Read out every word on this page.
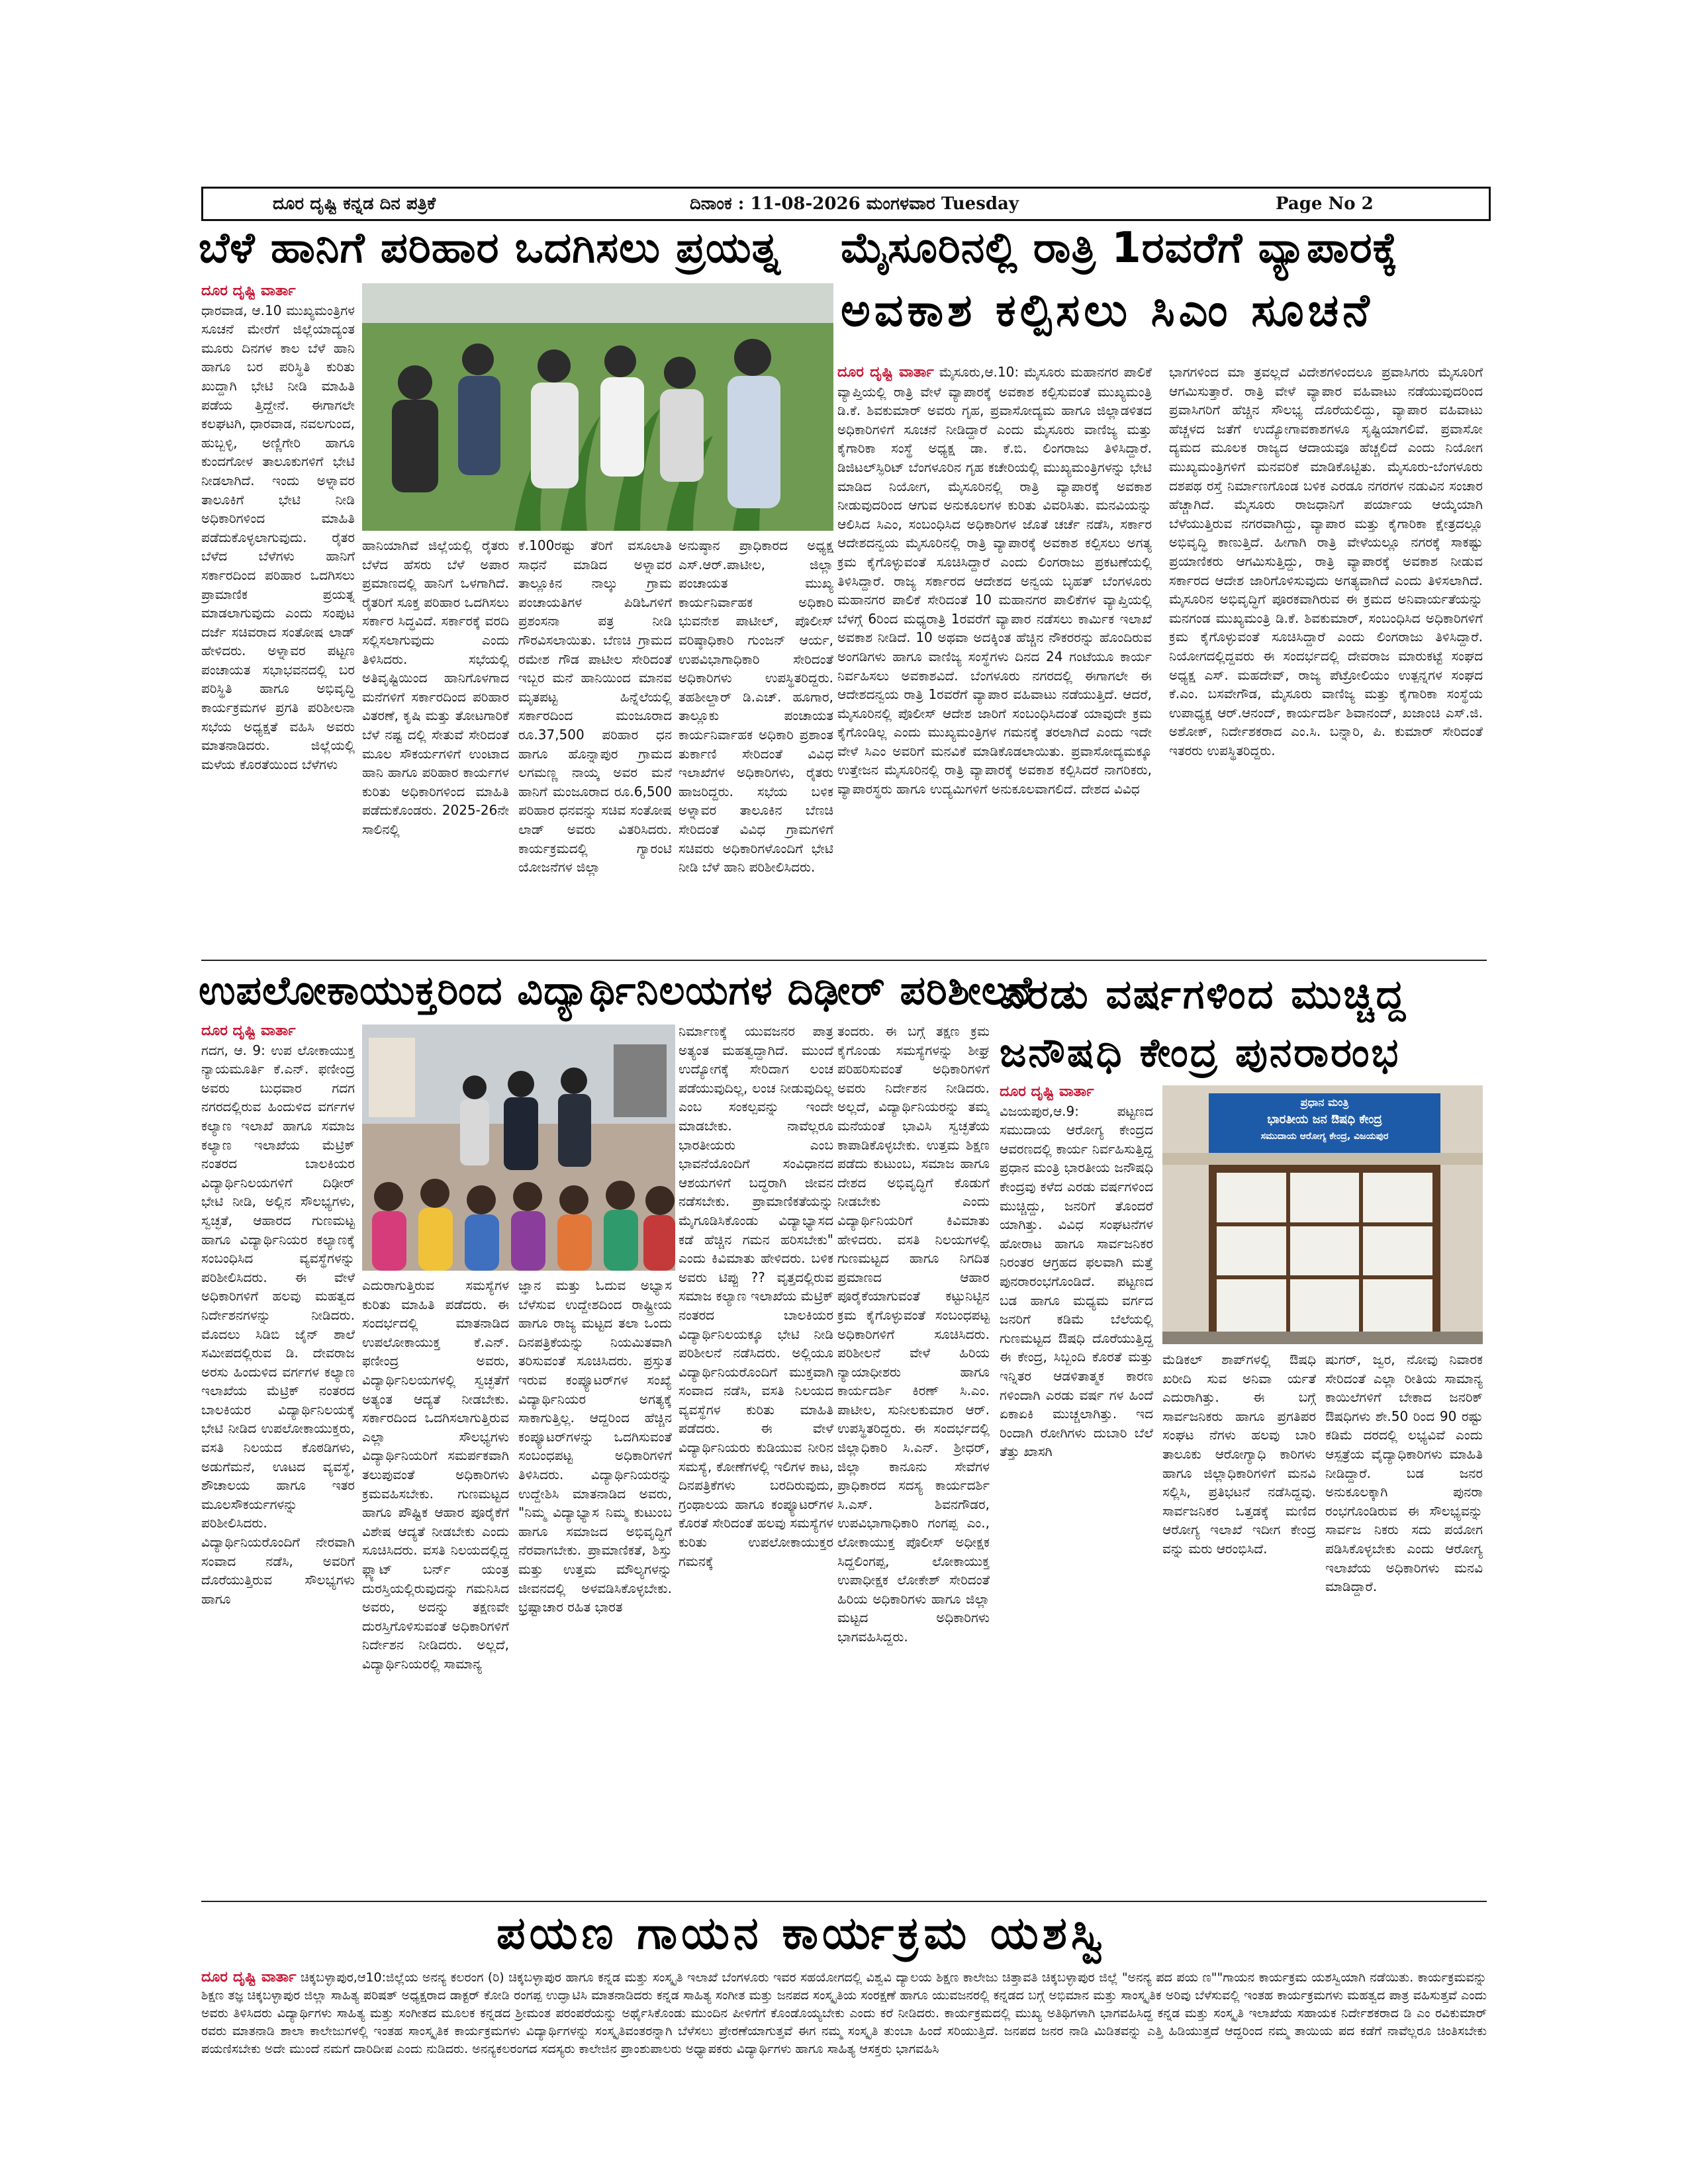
ದೂರ ದೃಷ್ಟಿ ಕನ್ನಡ ದಿನ ಪತ್ರಿಕೆ	ದಿನಾಂಕ : 11-08-2026 ಮಂಗಳವಾರ Tuesday	Page No 2
ಬೆಳೆ ಹಾನಿಗೆ ಪರಿಹಾರ ಒದಗಿಸಲು ಪ್ರಯತ್ನ
ದೂರ ದೃಷ್ಟಿ ವಾರ್ತಾ

ಧಾರವಾಡ, ಆ.10 ಮುಖ್ಯಮಂತ್ರಿಗಳ ಸೂಚನೆ ಮೇರೆಗೆ ಜಿಲ್ಲೆಯಾದ್ಯಂತ ಮೂರು ದಿನಗಳ ಕಾಲ ಬೆಳೆ ಹಾನಿ ಹಾಗೂ ಬರ ಪರಿಸ್ಥಿತಿ ಕುರಿತು ಖುದ್ದಾಗಿ ಭೇಟಿ ನೀಡಿ ಮಾಹಿತಿ ಪಡೆಯ ತ್ತಿದ್ದೇನೆ. ಈಗಾಗಲೇ ಕಲಘಟಗಿ, ಧಾರವಾಡ, ನವಲಗುಂದ, ಹುಬ್ಬಳ್ಳಿ, ಅಣ್ಣಿಗೇರಿ ಹಾಗೂ ಕುಂದಗೋಳ ತಾಲೂಕುಗಳಿಗೆ ಭೇಟಿ ನೀಡಲಾಗಿದೆ. ಇಂದು ಅಳ್ನಾವರ ತಾಲೂಕಿಗೆ ಭೇಟಿ ನೀಡಿ ಅಧಿಕಾರಿಗಳಿಂದ ಮಾಹಿತಿ ಪಡೆದುಕೊಳ್ಳಲಾಗುವುದು. ರೈತರ ಬೆಳೆದ ಬೆಳೆಗಳು ಹಾನಿಗೆ ಸರ್ಕಾರದಿಂದ ಪರಿಹಾರ ಒದಗಿಸಲು ಪ್ರಾಮಾಣಿಕ ಪ್ರಯತ್ನ ಮಾಡಲಾಗುವುದು ಎಂದು ಸಂಪುಟ ದರ್ಜೆ ಸಚಿವರಾದ ಸಂತೋಷ ಲಾಡ್ ಹೇಳಿದರು. ಅಳ್ನಾವರ ಪಟ್ಟಣ ಪಂಚಾಯತ ಸಭಾಭವನದಲ್ಲಿ ಬರ ಪರಿಸ್ಥಿತಿ ಹಾಗೂ ಅಭಿವೃದ್ಧಿ ಕಾರ್ಯಕ್ರಮಗಳ ಪ್ರಗತಿ ಪರಿಶೀಲನಾ ಸಭೆಯ ಅಧ್ಯಕ್ಷತೆ ವಹಿಸಿ ಅವರು ಮಾತನಾಡಿದರು. ಜಿಲ್ಲೆಯಲ್ಲಿ ಮಳೆಯ ಕೊರತೆಯಿಂದ ಬೆಳೆಗಳು

ಹಾನಿಯಾಗಿವೆ ಜಿಲ್ಲೆಯಲ್ಲಿ ರೈತರು ಬೆಳೆದ ಹೆಸರು ಬೆಳೆ ಅಪಾರ ಪ್ರಮಾಣದಲ್ಲಿ ಹಾನಿಗೆ ಒಳಗಾಗಿದೆ. ರೈತರಿಗೆ ಸೂಕ್ತ ಪರಿಹಾರ ಒದಗಿಸಲು ಸರ್ಕಾರ ಸಿದ್ಧವಿದೆ. ಸರ್ಕಾರಕ್ಕೆ ವರದಿ ಸಲ್ಲಿಸಲಾಗುವುದು ಎಂದು ತಿಳಿಸಿದರು. ಸಭೆಯಲ್ಲಿ ಅತಿವೃಷ್ಟಿಯಿಂದ ಹಾನಿಗೊಳಗಾದ ಮನೆಗಳಿಗೆ ಸರ್ಕಾರದಿಂದ ಪರಿಹಾರ ವಿತರಣೆ, ಕೃಷಿ ಮತ್ತು ತೋಟಗಾರಿಕೆ ಬೆಳೆ ನಷ್ಟ ದಲ್ಲಿ ಸೇತುವೆ ಸೇರಿದಂತೆ ಮೂಲ ಸೌಕರ್ಯಗಳಿಗೆ ಉಂಟಾದ ಹಾನಿ ಹಾಗೂ ಪರಿಹಾರ ಕಾರ್ಯಗಳ ಕುರಿತು ಅಧಿಕಾರಿಗಳಿಂದ ಮಾಹಿತಿ ಪಡೆದುಕೊಂಡರು. 2025-26ನೇ ಸಾಲಿನಲ್ಲಿ

ಕೆ.100ರಷ್ಟು ತೆರಿಗೆ ವಸೂಲಾತಿ ಸಾಧನೆ ಮಾಡಿದ ಅಳ್ನಾವರ ತಾಲ್ಲೂಕಿನ ನಾಲ್ಕು ಗ್ರಾಮ ಪಂಚಾಯತಿಗಳ ಪಿಡಿಓಗಳಿಗೆ ಪ್ರಶಂಸನಾ ಪತ್ರ ನೀಡಿ ಗೌರವಿಸಲಾಯಿತು. ಬೆಣಚಿ ಗ್ರಾಮದ ರಮೇಶ ಗೌಡ ಪಾಟೀಲ ಸೇರಿದಂತೆ ಇಬ್ಬರ ಮನೆ ಹಾನಿಯಿಂದ ಮಾನವ ಮೃತಪಟ್ಟ ಹಿನ್ನೆಲೆಯಲ್ಲಿ ಸರ್ಕಾರದಿಂದ ಮಂಜೂರಾದ ರೂ.37,500 ಪರಿಹಾರ ಧನ ಹಾಗೂ ಹೊನ್ನಾಪುರ ಗ್ರಾಮದ ಲಗಮಣ್ಣ ನಾಯ್ಕ ಅವರ ಮನೆ ಹಾನಿಗೆ ಮಂಜೂರಾದ ರೂ.6,500 ಪರಿಹಾರ ಧನವನ್ನು ಸಚಿವ ಸಂತೋಷ ಲಾಡ್ ಅವರು ವಿತರಿಸಿದರು. ಕಾರ್ಯಕ್ರಮದಲ್ಲಿ ಗ್ಯಾರಂಟಿ ಯೋಜನೆಗಳ ಜಿಲ್ಲಾ

ಅನುಷ್ಠಾನ ಪ್ರಾಧಿಕಾರದ ಅಧ್ಯಕ್ಷ ಎಸ್.ಆರ್.ಪಾಟೀಲ, ಜಿಲ್ಲಾ ಪಂಚಾಯತ ಮುಖ್ಯ ಕಾರ್ಯನಿರ್ವಾಹಕ ಅಧಿಕಾರಿ ಭುವನೇಶ ಪಾಟೀಲ್, ಪೊಲೀಸ್ ವರಿಷ್ಠಾಧಿಕಾರಿ ಗುಂಜನ್ ಆರ್ಯ, ಉಪವಿಭಾಗಾಧಿಕಾರಿ ಸೇರಿದಂತೆ ಅಧಿಕಾರಿಗಳು ಉಪಸ್ಥಿತರಿದ್ದರು. ತಹಶೀಲ್ದಾರ್ ಡಿ.ಎಚ್. ಹೂಗಾರ, ತಾಲ್ಲೂಕು ಪಂಚಾಯತ ಕಾರ್ಯನಿರ್ವಾಹಕ ಅಧಿಕಾರಿ ಪ್ರಶಾಂತ ತುರ್ಕಾಣಿ ಸೇರಿದಂತೆ ವಿವಿಧ ಇಲಾಖೆಗಳ ಅಧಿಕಾರಿಗಳು, ರೈತರು ಹಾಜರಿದ್ದರು. ಸಭೆಯ ಬಳಿಕ ಅಳ್ನಾವರ ತಾಲೂಕಿನ ಬೆಣಚಿ ಸೇರಿದಂತೆ ವಿವಿಧ ಗ್ರಾಮಗಳಿಗೆ ಸಚಿವರು ಅಧಿಕಾರಿಗಳೊಂದಿಗೆ ಭೇಟಿ ನೀಡಿ ಬೆಳೆ ಹಾನಿ ಪರಿಶೀಲಿಸಿದರು.

ಮೈಸೂರಿನಲ್ಲಿ ರಾತ್ರಿ 1ರವರೆಗೆ ವ್ಯಾಪಾರಕ್ಕೆ
ಅವಕಾಶ ಕಲ್ಪಿಸಲು ಸಿಎಂ ಸೂಚನೆ
ದೂರ ದೃಷ್ಟಿ ವಾರ್ತಾ ಮೈಸೂರು,ಆ.10: ಮೈಸೂರು ಮಹಾನಗರ ಪಾಲಿಕೆ ವ್ಯಾಪ್ತಿಯಲ್ಲಿ ರಾತ್ರಿ ವೇಳೆ ವ್ಯಾಪಾರಕ್ಕೆ ಅವಕಾಶ ಕಲ್ಪಿಸುವಂತೆ ಮುಖ್ಯಮಂತ್ರಿ ಡಿ.ಕೆ. ಶಿವಕುಮಾರ್ ಅವರು ಗೃಹ, ಪ್ರವಾಸೋದ್ಯಮ ಹಾಗೂ ಜಿಲ್ಲಾಡಳಿತದ ಅಧಿಕಾರಿಗಳಿಗೆ ಸೂಚನೆ ನೀಡಿದ್ದಾರೆ ಎಂದು ಮೈಸೂರು ವಾಣಿಜ್ಯ ಮತ್ತು ಕೈಗಾರಿಕಾ ಸಂಸ್ಥೆ ಅಧ್ಯಕ್ಷ ಡಾ. ಕೆ.ಬಿ. ಲಿಂಗರಾಜು ತಿಳಿಸಿದ್ದಾರೆ. ಡಿಜಿಟಲ್‌ಸ್ಫಿರಿಟ್ ಬೆಂಗಳೂರಿನ ಗೃಹ ಕಚೇರಿಯಲ್ಲಿ ಮುಖ್ಯಮಂತ್ರಿಗಳನ್ನು ಭೇಟಿ ಮಾಡಿದ ನಿಯೋಗ, ಮೈಸೂರಿನಲ್ಲಿ ರಾತ್ರಿ ವ್ಯಾಪಾರಕ್ಕೆ ಅವಕಾಶ ನೀಡುವುದರಿಂದ ಆಗುವ ಅನುಕೂಲಗಳ ಕುರಿತು ವಿವರಿಸಿತು. ಮನವಿಯನ್ನು ಆಲಿಸಿದ ಸಿಎಂ, ಸಂಬಂಧಿಸಿದ ಅಧಿಕಾರಿಗಳ ಜೊತೆ ಚರ್ಚೆ ನಡೆಸಿ, ಸರ್ಕಾರ ಆದೇಶದನ್ವಯ ಮೈಸೂರಿನಲ್ಲಿ ರಾತ್ರಿ ವ್ಯಾಪಾರಕ್ಕೆ ಅವಕಾಶ ಕಲ್ಪಿಸಲು ಅಗತ್ಯ ಕ್ರಮ ಕೈಗೊಳ್ಳುವಂತೆ ಸೂಚಿಸಿದ್ದಾರೆ ಎಂದು ಲಿಂಗರಾಜು ಪ್ರಕಟಣೆಯಲ್ಲಿ ತಿಳಿಸಿದ್ದಾರೆ. ರಾಜ್ಯ ಸರ್ಕಾರದ ಆದೇಶದ ಅನ್ವಯ ಬೃಹತ್ ಬೆಂಗಳೂರು ಮಹಾನಗರ ಪಾಲಿಕೆ ಸೇರಿದಂತೆ 10 ಮಹಾನಗರ ಪಾಲಿಕೆಗಳ ವ್ಯಾಪ್ತಿಯಲ್ಲಿ ಬೆಳಗ್ಗೆ 6ರಿಂದ ಮಧ್ಯರಾತ್ರಿ 1ರವರೆಗೆ ವ್ಯಾಪಾರ ನಡೆಸಲು ಕಾರ್ಮಿಕ ಇಲಾಖೆ ಅವಕಾಶ ನೀಡಿದೆ. 10 ಅಥವಾ ಅದಕ್ಕಿಂತ ಹೆಚ್ಚಿನ ನೌಕರರನ್ನು ಹೊಂದಿರುವ ಅಂಗಡಿಗಳು ಹಾಗೂ ವಾಣಿಜ್ಯ ಸಂಸ್ಥೆಗಳು ದಿನದ 24 ಗಂಟೆಯೂ ಕಾರ್ಯ ನಿರ್ವಹಿಸಲು ಅವಕಾಶವಿದೆ. ಬೆಂಗಳೂರು ನಗರದಲ್ಲಿ ಈಗಾಗಲೇ ಈ ಆದೇಶದನ್ವಯ ರಾತ್ರಿ 1ರವರೆಗೆ ವ್ಯಾಪಾರ ವಹಿವಾಟು ನಡೆಯುತ್ತಿದೆ. ಆದರೆ, ಮೈಸೂರಿನಲ್ಲಿ ಪೊಲೀಸ್ ಆದೇಶ ಜಾರಿಗೆ ಸಂಬಂಧಿಸಿದಂತೆ ಯಾವುದೇ ಕ್ರಮ ಕೈಗೊಂಡಿಲ್ಲ ಎಂದು ಮುಖ್ಯಮಂತ್ರಿಗಳ ಗಮನಕ್ಕೆ ತರಲಾಗಿದೆ ಎಂದು ಇದೇ ವೇಳೆ ಸಿಎಂ ಅವರಿಗೆ ಮನವಿಕೆ ಮಾಡಿಕೊಡಲಾಯಿತು. ಪ್ರವಾಸೋದ್ಯಮಕ್ಕೂ ಉತ್ತೇಜನ ಮೈಸೂರಿನಲ್ಲಿ ರಾತ್ರಿ ವ್ಯಾಪಾರಕ್ಕೆ ಅವಕಾಶ ಕಲ್ಪಿಸಿದರೆ ನಾಗರಿಕರು, ವ್ಯಾಪಾರಸ್ಥರು ಹಾಗೂ ಉದ್ಯಮಿಗಳಿಗೆ ಅನುಕೂಲವಾಗಲಿದೆ. ದೇಶದ ವಿವಿಧ

ಭಾಗಗಳಿಂದ ಮಾ ತ್ರವಲ್ಲದೆ ವಿದೇಶಗಳಿಂದಲೂ ಪ್ರವಾಸಿಗರು ಮೈಸೂರಿಗೆ ಆಗಮಿಸುತ್ತಾರೆ. ರಾತ್ರಿ ವೇಳೆ ವ್ಯಾಪಾರ ವಹಿವಾಟು ನಡೆಯುವುದರಿಂದ ಪ್ರವಾಸಿಗರಿಗೆ ಹೆಚ್ಚಿನ ಸೌಲಭ್ಯ ದೊರೆಯಲಿದ್ದು, ವ್ಯಾಪಾರ ವಹಿವಾಟು ಹೆಚ್ಚಳದ ಜತೆಗೆ ಉದ್ಯೋಗಾವಕಾಶಗಳೂ ಸೃಷ್ಟಿಯಾಗಲಿವೆ. ಪ್ರವಾಸೋ ದ್ಯಮದ ಮೂಲಕ ರಾಜ್ಯದ ಆದಾಯವೂ ಹೆಚ್ಚಲಿದೆ ಎಂದು ನಿಯೋಗ ಮುಖ್ಯಮಂತ್ರಿಗಳಿಗೆ ಮನವರಿಕೆ ಮಾಡಿಕೊಟ್ಟಿತು. ಮೈಸೂರು-ಬೆಂಗಳೂರು ದಶಪಥ ರಸ್ತೆ ನಿರ್ಮಾಣಗೊಂಡ ಬಳಿಕ ಎರಡೂ ನಗರಗಳ ನಡುವಿನ ಸಂಚಾರ ಹೆಚ್ಚಾಗಿದೆ. ಮೈಸೂರು ರಾಜಧಾನಿಗೆ ಪರ್ಯಾಯ ಆಯ್ಕೆಯಾಗಿ ಬೆಳೆಯುತ್ತಿರುವ ನಗರವಾಗಿದ್ದು, ವ್ಯಾಪಾರ ಮತ್ತು ಕೈಗಾರಿಕಾ ಕ್ಷೇತ್ರದಲ್ಲೂ ಅಭಿವೃದ್ಧಿ ಕಾಣುತ್ತಿದೆ. ಹೀಗಾಗಿ ರಾತ್ರಿ ವೇಳೆಯಲ್ಲೂ ನಗರಕ್ಕೆ ಸಾಕಷ್ಟು ಪ್ರಯಾಣಿಕರು ಆಗಮಿಸುತ್ತಿದ್ದು, ರಾತ್ರಿ ವ್ಯಾಪಾರಕ್ಕೆ ಅವಕಾಶ ನೀಡುವ ಸರ್ಕಾರದ ಆದೇಶ ಜಾರಿಗೊಳಿಸುವುದು ಅಗತ್ಯವಾಗಿದೆ ಎಂದು ತಿಳಿಸಲಾಗಿದೆ. ಮೈಸೂರಿನ ಅಭಿವೃದ್ಧಿಗೆ ಪೂರಕವಾಗಿರುವ ಈ ಕ್ರಮದ ಅನಿವಾರ್ಯತೆಯನ್ನು ಮನಗಂಡ ಮುಖ್ಯಮಂತ್ರಿ ಡಿ.ಕೆ. ಶಿವಕುಮಾರ್, ಸಂಬಂಧಿಸಿದ ಅಧಿಕಾರಿಗಳಿಗೆ ಕ್ರಮ ಕೈಗೊಳ್ಳುವಂತೆ ಸೂಚಿಸಿದ್ದಾರೆ ಎಂದು ಲಿಂಗರಾಜು ತಿಳಿಸಿದ್ದಾರೆ. ನಿಯೋಗದಲ್ಲಿದ್ದವರು ಈ ಸಂದರ್ಭದಲ್ಲಿ ದೇವರಾಜ ಮಾರುಕಟ್ಟೆ ಸಂಘದ ಅಧ್ಯಕ್ಷ ಎಸ್. ಮಹದೇವ್, ರಾಜ್ಯ ಪೆಟ್ರೋಲಿಯಂ ಉತ್ಪನ್ನಗಳ ಸಂಘದ ಕೆ.ಎಂ. ಬಸವೇಗೌಡ, ಮೈಸೂರು ವಾಣಿಜ್ಯ ಮತ್ತು ಕೈಗಾರಿಕಾ ಸಂಸ್ಥೆಯ ಉಪಾಧ್ಯಕ್ಷ ಆರ್.ಆನಂದ್, ಕಾರ್ಯದರ್ಶಿ ಶಿವಾನಂದ್, ಖಜಾಂಚಿ ಎಸ್.ಜಿ. ಅಶೋಕ್, ನಿರ್ದೇಶಕರಾದ ಎಂ.ಸಿ. ಬನ್ನಾರಿ, ಪಿ. ಕುಮಾರ್ ಸೇರಿದಂತೆ ಇತರರು ಉಪಸ್ಥಿತರಿದ್ದರು.

ಉಪಲೋಕಾಯುಕ್ತರಿಂದ ವಿದ್ಯಾರ್ಥಿನಿಲಯಗಳ ದಿಢೀರ್ ಪರಿಶೀಲನೆ
ದೂರ ದೃಷ್ಟಿ ವಾರ್ತಾ

ಗದಗ, ಆ. 9: ಉಪ ಲೋಕಾಯುಕ್ತ ನ್ಯಾಯಮೂರ್ತಿ ಕೆ.ಎನ್. ಫಣೀಂದ್ರ ಅವರು ಬುಧವಾರ ಗದಗ ನಗರದಲ್ಲಿರುವ ಹಿಂದುಳಿದ ವರ್ಗಗಳ ಕಲ್ಯಾಣ ಇಲಾಖೆ ಹಾಗೂ ಸಮಾಜ ಕಲ್ಯಾಣ ಇಲಾಖೆಯ ಮೆಟ್ರಿಕ್ ನಂತರದ ಬಾಲಕಿಯರ ವಿದ್ಯಾರ್ಥಿನಿಲಯಗಳಿಗೆ ದಿಢೀರ್ ಭೇಟಿ ನೀಡಿ, ಅಲ್ಲಿನ ಸೌಲಭ್ಯಗಳು, ಸ್ವಚ್ಛತೆ, ಆಹಾರದ ಗುಣಮಟ್ಟ ಹಾಗೂ ವಿದ್ಯಾರ್ಥಿನಿಯರ ಕಲ್ಯಾಣಕ್ಕೆ ಸಂಬಂಧಿಸಿದ ವ್ಯವಸ್ಥೆಗಳನ್ನು ಪರಿಶೀಲಿಸಿದರು. ಈ ವೇಳೆ ಅಧಿಕಾರಿಗಳಿಗೆ ಹಲವು ಮಹತ್ವದ ನಿರ್ದೇಶನಗಳನ್ನು ನೀಡಿದರು. ಮೊದಲು ಸಿಡಿಬಿ ಜೈನ್ ಶಾಲೆ ಸಮೀಪದಲ್ಲಿರುವ ಡಿ. ದೇವರಾಜ ಅರಸು ಹಿಂದುಳಿದ ವರ್ಗಗಳ ಕಲ್ಯಾಣ ಇಲಾಖೆಯ ಮೆಟ್ರಿಕ್ ನಂತರದ ಬಾಲಕಿಯರ ವಿದ್ಯಾರ್ಥಿನಿಲಯಕ್ಕೆ ಭೇಟಿ ನೀಡಿದ ಉಪಲೋಕಾಯುಕ್ತರು, ವಸತಿ ನಿಲಯದ ಕೊಠಡಿಗಳು, ಅಡುಗೆಮನೆ, ಊಟದ ವ್ಯವಸ್ಥೆ, ಶೌಚಾಲಯ ಹಾಗೂ ಇತರ ಮೂಲಸೌಕರ್ಯಗಳನ್ನು ಪರಿಶೀಲಿಸಿದರು. ವಿದ್ಯಾರ್ಥಿನಿಯರೊಂದಿಗೆ ನೇರವಾಗಿ ಸಂವಾದ ನಡೆಸಿ, ಅವರಿಗೆ ದೊರೆಯುತ್ತಿರುವ ಸೌಲಭ್ಯಗಳು ಹಾಗೂ

ಎದುರಾಗುತ್ತಿರುವ ಸಮಸ್ಯೆಗಳ ಕುರಿತು ಮಾಹಿತಿ ಪಡೆದರು. ಈ ಸಂದರ್ಭದಲ್ಲಿ ಮಾತನಾಡಿದ ಉಪಲೋಕಾಯುಕ್ತ ಕೆ.ಎನ್. ಫಣೀಂದ್ರ ಅವರು, ವಿದ್ಯಾರ್ಥಿನಿಲಯಗಳಲ್ಲಿ ಸ್ವಚ್ಛತೆಗೆ ಅತ್ಯಂತ ಆದ್ಯತೆ ನೀಡಬೇಕು. ಸರ್ಕಾರದಿಂದ ಒದಗಿಸಲಾಗುತ್ತಿರುವ ಎಲ್ಲಾ ಸೌಲಭ್ಯಗಳು ವಿದ್ಯಾರ್ಥಿನಿಯರಿಗೆ ಸಮರ್ಪಕವಾಗಿ ತಲುಪುವಂತೆ ಅಧಿಕಾರಿಗಳು ಕ್ರಮವಹಿಸಬೇಕು. ಗುಣಮಟ್ಟದ ಹಾಗೂ ಪೌಷ್ಟಿಕ ಆಹಾರ ಪೂರೈಕೆಗೆ ವಿಶೇಷ ಆದ್ಯತೆ ನೀಡಬೇಕು ಎಂದು ಸೂಚಿಸಿದರು. ವಸತಿ ನಿಲಯದಲ್ಲಿದ್ದ ಫ್ಲ್ಯಾಟ್ ಬರ್ನ್ ಯಂತ್ರ ದುರಸ್ತಿಯಲ್ಲಿರುವುದನ್ನು ಗಮನಿಸಿದ ಅವರು, ಅದನ್ನು ತಕ್ಷಣವೇ ದುರಸ್ತಿಗೊಳಿಸುವಂತೆ ಅಧಿಕಾರಿಗಳಿಗೆ ನಿರ್ದೇಶನ ನೀಡಿದರು. ಅಲ್ಲದೆ, ವಿದ್ಯಾರ್ಥಿನಿಯರಲ್ಲಿ ಸಾಮಾನ್ಯ

ಜ್ಞಾನ ಮತ್ತು ಓದುವ ಅಭ್ಯಾಸ ಬೆಳೆಸುವ ಉದ್ದೇಶದಿಂದ ರಾಷ್ಟ್ರೀಯ ಹಾಗೂ ರಾಜ್ಯ ಮಟ್ಟದ ತಲಾ ಒಂದು ದಿನಪತ್ರಿಕೆಯನ್ನು ನಿಯಮಿತವಾಗಿ ತರಿಸುವಂತೆ ಸೂಚಿಸಿದರು. ಪ್ರಸ್ತುತ ಇರುವ ಕಂಪ್ಯೂಟರ್‌ಗಳ ಸಂಖ್ಯೆ ವಿದ್ಯಾರ್ಥಿನಿಯರ ಅಗತ್ಯಕ್ಕೆ ಸಾಕಾಗುತ್ತಿಲ್ಲ. ಆದ್ದರಿಂದ ಹೆಚ್ಚಿನ ಕಂಪ್ಯೂಟರ್‌ಗಳನ್ನು ಒದಗಿಸುವಂತೆ ಸಂಬಂಧಪಟ್ಟ ಅಧಿಕಾರಿಗಳಿಗೆ ತಿಳಿಸಿದರು. ವಿದ್ಯಾರ್ಥಿನಿಯರನ್ನು ಉದ್ದೇಶಿಸಿ ಮಾತನಾಡಿದ ಅವರು, "ನಿಮ್ಮ ವಿದ್ಯಾಭ್ಯಾಸ ನಿಮ್ಮ ಕುಟುಂಬ ಹಾಗೂ ಸಮಾಜದ ಅಭಿವೃದ್ಧಿಗೆ ನೆರವಾಗಬೇಕು. ಪ್ರಾಮಾಣಿಕತೆ, ಶಿಸ್ತು ಮತ್ತು ಉತ್ತಮ ಮೌಲ್ಯಗಳನ್ನು ಜೀವನದಲ್ಲಿ ಅಳವಡಿಸಿಕೊಳ್ಳಬೇಕು. ಭ್ರಷ್ಟಾಚಾರ ರಹಿತ ಭಾರತ

ನಿರ್ಮಾಣಕ್ಕೆ ಯುವಜನರ ಪಾತ್ರ ಅತ್ಯಂತ ಮಹತ್ವದ್ದಾಗಿದೆ. ಮುಂದೆ ಉದ್ಯೋಗಕ್ಕೆ ಸೇರಿದಾಗ ಲಂಚ ಪಡೆಯುವುದಿಲ್ಲ, ಲಂಚ ನೀಡುವುದಿಲ್ಲ ಎಂಬ ಸಂಕಲ್ಪವನ್ನು ಇಂದೇ ಮಾಡಬೇಕು. ನಾವೆಲ್ಲರೂ ಭಾರತೀಯರು ಎಂಬ ಭಾವನೆಯೊಂದಿಗೆ ಸಂವಿಧಾನದ ಆಶಯಗಳಿಗೆ ಬದ್ಧರಾಗಿ ಜೀವನ ನಡೆಸಬೇಕು. ಪ್ರಾಮಾಣಿಕತೆಯನ್ನು ಮೈಗೂಡಿಸಿಕೊಂಡು ವಿದ್ಯಾಭ್ಯಾಸದ ಕಡೆ ಹೆಚ್ಚಿನ ಗಮನ ಹರಿಸಬೇಕು" ಎಂದು ಕಿವಿಮಾತು ಹೇಳಿದರು. ಬಳಿಕ ಅವರು ಟಿಪ್ಪು ?? ವೃತ್ತದಲ್ಲಿರುವ ಸಮಾಜ ಕಲ್ಯಾಣ ಇಲಾಖೆಯ ಮೆಟ್ರಿಕ್ ನಂತರದ ಬಾಲಕಿಯರ ವಿದ್ಯಾರ್ಥಿನಿಲಯಕ್ಕೂ ಭೇಟಿ ನೀಡಿ ಪರಿಶೀಲನೆ ನಡೆಸಿದರು. ಅಲ್ಲಿಯೂ ವಿದ್ಯಾರ್ಥಿನಿಯರೊಂದಿಗೆ ಮುಕ್ತವಾಗಿ ಸಂವಾದ ನಡೆಸಿ, ವಸತಿ ನಿಲಯದ ವ್ಯವಸ್ಥೆಗಳ ಕುರಿತು ಮಾಹಿತಿ ಪಡೆದರು. ಈ ವೇಳೆ ವಿದ್ಯಾರ್ಥಿನಿಯರು ಕುಡಿಯುವ ನೀರಿನ ಸಮಸ್ಯೆ, ಕೋಣೆಗಳಲ್ಲಿ ಇಲಿಗಳ ಕಾಟ, ದಿನಪತ್ರಿಕೆಗಳು ಬರದಿರುವುದು, ಗ್ರಂಥಾಲಯ ಹಾಗೂ ಕಂಪ್ಯೂಟರ್‌ಗಳ ಕೊರತೆ ಸೇರಿದಂತೆ ಹಲವು ಸಮಸ್ಯೆಗಳ ಕುರಿತು ಉಪಲೋಕಾಯುಕ್ತರ ಗಮನಕ್ಕೆ

ತಂದರು. ಈ ಬಗ್ಗೆ ತಕ್ಷಣ ಕ್ರಮ ಕೈಗೊಂಡು ಸಮಸ್ಯೆಗಳನ್ನು ಶೀಘ್ರ ಪರಿಹರಿಸುವಂತೆ ಅಧಿಕಾರಿಗಳಿಗೆ ಅವರು ನಿರ್ದೇಶನ ನೀಡಿದರು. ಅಲ್ಲದೆ, ವಿದ್ಯಾರ್ಥಿನಿಯರನ್ನು ತಮ್ಮ ಮನೆಯಂತೆ ಭಾವಿಸಿ ಸ್ವಚ್ಛತೆಯ ಕಾಪಾಡಿಕೊಳ್ಳಬೇಕು. ಉತ್ತಮ ಶಿಕ್ಷಣ ಪಡೆದು ಕುಟುಂಬ, ಸಮಾಜ ಹಾಗೂ ದೇಶದ ಅಭಿವೃದ್ಧಿಗೆ ಕೊಡುಗೆ ನೀಡಬೇಕು ಎಂದು ವಿದ್ಯಾರ್ಥಿನಿಯರಿಗೆ ಕಿವಿಮಾತು ಹೇಳಿದರು. ವಸತಿ ನಿಲಯಗಳಲ್ಲಿ ಗುಣಮಟ್ಟದ ಹಾಗೂ ನಿಗದಿತ ಪ್ರಮಾಣದ ಆಹಾರ ಪೂರೈಕೆಯಾಗುವಂತೆ ಕಟ್ಟುನಿಟ್ಟಿನ ಕ್ರಮ ಕೈಗೊಳ್ಳುವಂತೆ ಸಂಬಂಧಪಟ್ಟ ಅಧಿಕಾರಿಗಳಿಗೆ ಸೂಚಿಸಿದರು. ಪರಿಶೀಲನೆ ವೇಳೆ ಹಿರಿಯ ನ್ಯಾಯಾಧೀಶರು ಹಾಗೂ ಕಾರ್ಯದರ್ಶಿ ಕಿರಣ್ ಸಿ.ಎಂ. ಪಾಟೀಲ, ಸುನೀಲಕುಮಾರ ಆರ್. ಉಪಸ್ಥಿತರಿದ್ದರು. ಈ ಸಂದರ್ಭದಲ್ಲಿ ಜಿಲ್ಲಾಧಿಕಾರಿ ಸಿ.ಎನ್. ಶ್ರೀಧರ್, ಜಿಲ್ಲಾ ಕಾನೂನು ಸೇವೆಗಳ ಪ್ರಾಧಿಕಾರದ ಸದಸ್ಯ ಕಾರ್ಯದರ್ಶಿ ಸಿ.ಎಸ್. ಶಿವನಗೌಡರ, ಉಪವಿಭಾಗಾಧಿಕಾರಿ ಗಂಗಪ್ಪ ಎಂ., ಲೋಕಾಯುಕ್ತ ಪೊಲೀಸ್ ಅಧೀಕ್ಷಕ ಸಿದ್ದಲಿಂಗಪ್ಪ, ಲೋಕಾಯುಕ್ತ ಉಪಾಧೀಕ್ಷಕ ಲೋಕೇಶ್ ಸೇರಿದಂತೆ ಹಿರಿಯ ಅಧಿಕಾರಿಗಳು ಹಾಗೂ ಜಿಲ್ಲಾ ಮಟ್ಟದ ಅಧಿಕಾರಿಗಳು ಭಾಗವಹಿಸಿದ್ದರು.

ಎರಡು ವರ್ಷಗಳಿಂದ ಮುಚ್ಚಿದ್ದ
ಜನೌಷಧಿ ಕೇಂದ್ರ ಪುನರಾರಂಭ
ದೂರ ದೃಷ್ಟಿ ವಾರ್ತಾ

ವಿಜಯಪುರ,ಆ.9: ಪಟ್ಟಣದ ಸಮುದಾಯ ಆರೋಗ್ಯ ಕೇಂದ್ರದ ಆವರಣದಲ್ಲಿ ಕಾರ್ಯ ನಿರ್ವಹಿಸುತ್ತಿದ್ದ ಪ್ರಧಾನ ಮಂತ್ರಿ ಭಾರತೀಯ ಜನೌಷಧಿ ಕೇಂದ್ರವು ಕಳೆದ ಎರಡು ವರ್ಷಗಳಿಂದ ಮುಚ್ಚಿದ್ದು, ಜನರಿಗೆ ತೊಂದರೆ ಯಾಗಿತ್ತು. ವಿವಿಧ ಸಂಘಟನೆಗಳ ಹೋರಾಟ ಹಾಗೂ ಸಾರ್ವಜನಿಕರ ನಿರಂತರ ಆಗ್ರಹದ ಫಲವಾಗಿ ಮತ್ತೆ ಪುನರಾರಂಭಗೊಂಡಿದೆ. ಪಟ್ಟಣದ ಬಡ ಹಾಗೂ ಮಧ್ಯಮ ವರ್ಗದ ಜನರಿಗೆ ಕಡಿಮೆ ಬೆಲೆಯಲ್ಲಿ ಗುಣಮಟ್ಟದ ಔಷಧಿ ದೊರೆಯುತ್ತಿದ್ದ ಈ ಕೇಂದ್ರ, ಸಿಬ್ಬಂದಿ ಕೊರತೆ ಮತ್ತು ಇನ್ನಿತರ ಆಡಳಿತಾತ್ಮಕ ಕಾರಣ ಗಳಿಂದಾಗಿ ಎರಡು ವರ್ಷ ಗಳ ಹಿಂದೆ ಏಕಾಏಕಿ ಮುಚ್ಚಲಾಗಿತ್ತು. ಇದ ರಿಂದಾಗಿ ರೋಗಿಗಳು ದುಬಾರಿ ಬೆಲೆ ತೆತ್ತು ಖಾಸಗಿ

ಪ್ರಧಾನ ಮಂತ್ರಿ
ಭಾರತೀಯ ಜನ ಔಷಧಿ ಕೇಂದ್ರ
ಸಮುದಾಯ ಆರೋಗ್ಯ ಕೇಂದ್ರ, ವಿಜಯಪುರ

ಮೆಡಿಕಲ್ ಶಾಪ್‌ಗಳಲ್ಲಿ ಔಷಧಿ ಖರೀದಿ ಸುವ ಅನಿವಾ ರ್ಯತೆ ಎದುರಾಗಿತ್ತು. ಈ ಬಗ್ಗೆ ಸಾರ್ವಜನಿಕರು ಹಾಗೂ ಪ್ರಗತಿಪರ ಸಂಘಟ ನೆಗಳು ಹಲವು ಬಾರಿ ತಾಲೂಕು ಆರೋಗ್ಯಾಧಿ ಕಾರಿಗಳು ಹಾಗೂ ಜಿಲ್ಲಾಧಿಕಾರಿಗಳಿಗೆ ಮನವಿ ಸಲ್ಲಿಸಿ, ಪ್ರತಿಭಟನೆ ನಡೆಸಿದ್ದವು. ಸಾರ್ವಜನಿಕರ ಒತ್ತಡಕ್ಕೆ ಮಣಿದ ಆರೋಗ್ಯ ಇಲಾಖೆ ಇದೀಗ ಕೇಂದ್ರ ವನ್ನು ಮರು ಆರಂಭಿಸಿದೆ.

ಷುಗರ್, ಜ್ವರ, ನೋವು ನಿವಾರಕ ಸೇರಿದಂತೆ ಎಲ್ಲಾ ರೀತಿಯ ಸಾಮಾನ್ಯ ಕಾಯಿಲೆಗಳಿಗೆ ಬೇಕಾದ ಜನರಿಕ್ ಔಷಧಿಗಳು ಶೇ.50 ರಿಂದ 90 ರಷ್ಟು ಕಡಿಮೆ ದರದಲ್ಲಿ ಲಭ್ಯವಿವೆ ಎಂದು ಆಸ್ಪತ್ರೆಯ ವೈದ್ಯಾಧಿಕಾರಿಗಳು ಮಾಹಿತಿ ನೀಡಿದ್ದಾರೆ. ಬಡ ಜನರ ಅನುಕೂಲಕ್ಕಾಗಿ ಪುನರಾ ರಂಭಗೊಂಡಿರುವ ಈ ಸೌಲಭ್ಯವನ್ನು ಸಾರ್ವಜ ನಿಕರು ಸದು ಪಯೋಗ ಪಡಿಸಿಕೊಳ್ಳಬೇಕು ಎಂದು ಆರೋಗ್ಯ ಇಲಾಖೆಯ ಅಧಿಕಾರಿಗಳು ಮನವಿ ಮಾಡಿದ್ದಾರೆ.

ಪಯಣ ಗಾಯನ ಕಾರ್ಯಕ್ರಮ ಯಶಸ್ವಿ
ದೂರ ದೃಷ್ಟಿ ವಾರ್ತಾ ಚಿಕ್ಕಬಳ್ಳಾಪುರ,ಆ10:ಜಿಲ್ಲೆಯ ಅನನ್ಯ ಕಲರಂಗ (ರಿ) ಚಿಕ್ಕಬಳ್ಳಾಪುರ ಹಾಗೂ ಕನ್ನಡ ಮತ್ತು ಸಂಸ್ಕೃತಿ ಇಲಾಖೆ ಬೆಂಗಳೂರು ಇವರ ಸಹಯೋಗದಲ್ಲಿ ವಿಶ್ವವಿ ದ್ಯಾಲಯ ಶಿಕ್ಷಣ ಕಾಲೇಜು ಚಿತ್ತಾವತಿ ಚಿಕ್ಕಬಳ್ಳಾಪುರ ಜಿಲ್ಲೆ "ಅನನ್ಯ ಪದ ಪಯ ಣ""ಗಾಯನ ಕಾರ್ಯಕ್ರಮ ಯಶಸ್ವಿಯಾಗಿ ನಡೆಯಿತು. ಕಾರ್ಯಕ್ರಮವನ್ನು ಶಿಕ್ಷಣ ತಜ್ಞ ಚಿಕ್ಕಬಳ್ಳಾಪುರ ಜಿಲ್ಲಾ ಸಾಹಿತ್ಯ ಪರಿಷತ್ ಅಧ್ಯಕ್ಷರಾದ ಡಾಕ್ಟರ್ ಕೋಡಿ ರಂಗಪ್ಪ ಉದ್ಘಾಟಿಸಿ ಮಾತನಾಡಿದರು ಕನ್ನಡ ಸಾಹಿತ್ಯ ಸಂಗೀತ ಮತ್ತು ಜನಪದ ಸಂಸ್ಕೃತಿಯ ಸಂರಕ್ಷಣೆ ಹಾಗೂ ಯುವಜನರಲ್ಲಿ ಕನ್ನಡದ ಬಗ್ಗೆ ಅಭಿಮಾನ ಮತ್ತು ಸಾಂಸ್ಕೃತಿಕ ಅರಿವು ಬೆಳೆಸುವಲ್ಲಿ ಇಂತಹ ಕಾರ್ಯಕ್ರಮಗಳು ಮಹತ್ವದ ಪಾತ್ರ ವಹಿಸುತ್ತವೆ ಎಂದು ಅವರು ತಿಳಿಸಿದರು ವಿದ್ಯಾರ್ಥಿಗಳು ಸಾಹಿತ್ಯ ಮತ್ತು ಸಂಗೀತದ ಮೂಲಕ ಕನ್ನಡದ ಶ್ರೀಮಂತ ಪರಂಪರೆಯನ್ನು ಅರ್ಥೈಸಿಕೊಂಡು ಮುಂದಿನ ಪೀಳಿಗೆಗೆ ಕೊಂಡೊಯ್ಯಬೇಕು ಎಂದು ಕರೆ ನೀಡಿದರು. ಕಾರ್ಯಕ್ರಮದಲ್ಲಿ ಮುಖ್ಯ ಅತಿಥಿಗಳಾಗಿ ಭಾಗವಹಿಸಿದ್ದ ಕನ್ನಡ ಮತ್ತು ಸಂಸ್ಕೃತಿ ಇಲಾಖೆಯ ಸಹಾಯಕ ನಿರ್ದೇಶಕರಾದ ಡಿ ಎಂ ರವಿಕುಮಾರ್ ರವರು ಮಾತನಾಡಿ ಶಾಲಾ ಕಾಲೇಜುಗಳಲ್ಲಿ ಇಂತಹ ಸಾಂಸ್ಕೃತಿಕ ಕಾರ್ಯಕ್ರಮಗಳು ವಿದ್ಯಾರ್ಥಿಗಳನ್ನು ಸಂಸ್ಕೃತಿವಂತರನ್ನಾಗಿ ಬೆಳೆಸಲು ಪ್ರೇರಣೆಯಾಗುತ್ತವೆ ಈಗ ನಮ್ಮ ಸಂಸ್ಕೃತಿ ತುಂಬಾ ಹಿಂದೆ ಸರಿಯುತ್ತಿದೆ. ಜನಪದ ಜನರ ನಾಡಿ ಮಿಡಿತವನ್ನು ಎತ್ತಿ ಹಿಡಿಯುತ್ತದೆ ಆದ್ದರಿಂದ ನಮ್ಮ ತಾಯಿಯ ಪದ ಕಡೆಗೆ ನಾವೆಲ್ಲರೂ ಚಿಂತಿಸಬೇಕು ಪಯಣಿಸಬೇಕು ಅದೇ ಮುಂದೆ ನಮಗೆ ದಾರಿದೀಪ ಎಂದು ನುಡಿದರು. ಅನನ್ಯಕಲರಂಗದ ಸದಸ್ಯರು ಕಾಲೇಜಿನ ಪ್ರಾಂಶುಪಾಲರು ಅಧ್ಯಾಪಕರು ವಿದ್ಯಾರ್ಥಿಗಳು ಹಾಗೂ ಸಾಹಿತ್ಯ ಆಸಕ್ತರು ಭಾಗವಹಿಸಿ
